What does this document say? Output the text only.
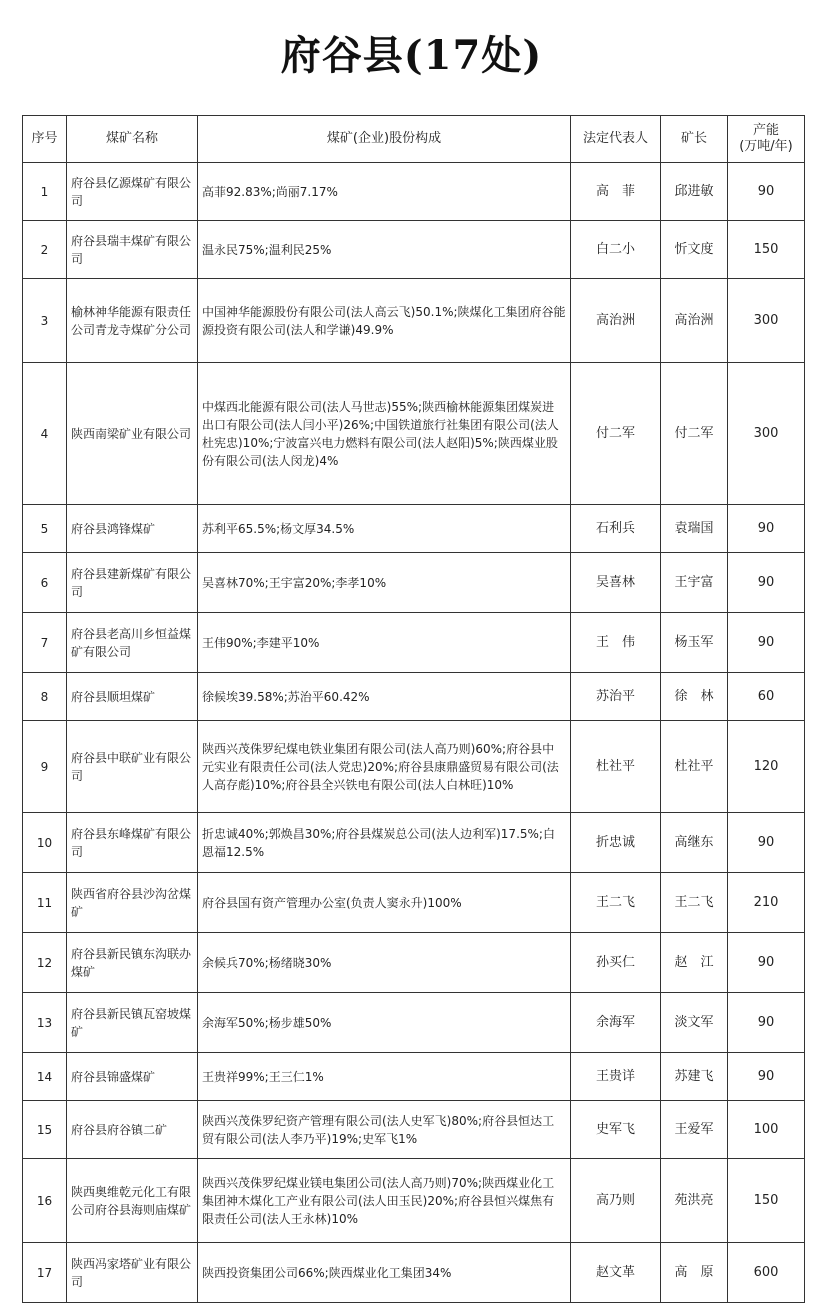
府谷县(17处)
序号	煤矿名称	煤矿(企业)股份构成	法定代表人	矿长	产能
(万吨/年)

1	府谷县亿源煤矿有限公司	高菲92.83%;尚丽7.17%	高　菲	邱进敏	90
2	府谷县瑞丰煤矿有限公司	温永民75%;温利民25%	白二小	忻文度	150
3	榆林神华能源有限责任公司青龙寺煤矿分公司	中国神华能源股份有限公司(法人高云飞)50.1%;陕煤化工集团府谷能源投资有限公司(法人和学谦)49.9%	高治洲	高治洲	300
4	陕西南梁矿业有限公司	中煤西北能源有限公司(法人马世志)55%;陕西榆林能源集团煤炭进出口有限公司(法人闫小平)26%;中国铁道旅行社集团有限公司(法人杜宪忠)10%;宁波富兴电力燃料有限公司(法人赵阳)5%;陕西煤业股份有限公司(法人闵龙)4%	付二军	付二军	300
5	府谷县鸿锋煤矿	苏利平65.5%;杨文厚34.5%	石利兵	袁瑞国	90
6	府谷县建新煤矿有限公司	吴喜林70%;王宇富20%;李孝10%	吴喜林	王宇富	90
7	府谷县老高川乡恒益煤矿有限公司	王伟90%;李建平10%	王　伟	杨玉军	90
8	府谷县顺坦煤矿	徐候埃39.58%;苏治平60.42%	苏治平	徐　林	60
9	府谷县中联矿业有限公司	陕西兴茂侏罗纪煤电铁业集团有限公司(法人高乃则)60%;府谷县中元实业有限责任公司(法人党忠)20%;府谷县康鼎盛贸易有限公司(法人高存彪)10%;府谷县全兴铁电有限公司(法人白林旺)10%	杜社平	杜社平	120
10	府谷县东峰煤矿有限公司	折忠诚40%;郭焕昌30%;府谷县煤炭总公司(法人边利军)17.5%;白恩福12.5%	折忠诚	高继东	90
11	陕西省府谷县沙沟岔煤矿	府谷县国有资产管理办公室(负责人窦永升)100%	王二飞	王二飞	210
12	府谷县新民镇东沟联办煤矿	余候兵70%;杨绪晓30%	孙买仁	赵　江	90
13	府谷县新民镇瓦窑坡煤矿	余海军50%;杨步雄50%	余海军	淡文军	90
14	府谷县锦盛煤矿	王贵祥99%;王三仁1%	王贵详	苏建飞	90
15	府谷县府谷镇二矿	陕西兴茂侏罗纪资产管理有限公司(法人史军飞)80%;府谷县恒达工贸有限公司(法人李乃平)19%;史军飞1%	史军飞	王爱军	100
16	陕西奥维乾元化工有限公司府谷县海则庙煤矿	陕西兴茂侏罗纪煤业镁电集团公司(法人高乃则)70%;陕西煤业化工集团神木煤化工产业有限公司(法人田玉民)20%;府谷县恒兴煤焦有限责任公司(法人王永林)10%	高乃则	苑洪亮	150
17	陕西冯家塔矿业有限公司	陕西投资集团公司66%;陕西煤业化工集团34%	赵文革	高　原	600
